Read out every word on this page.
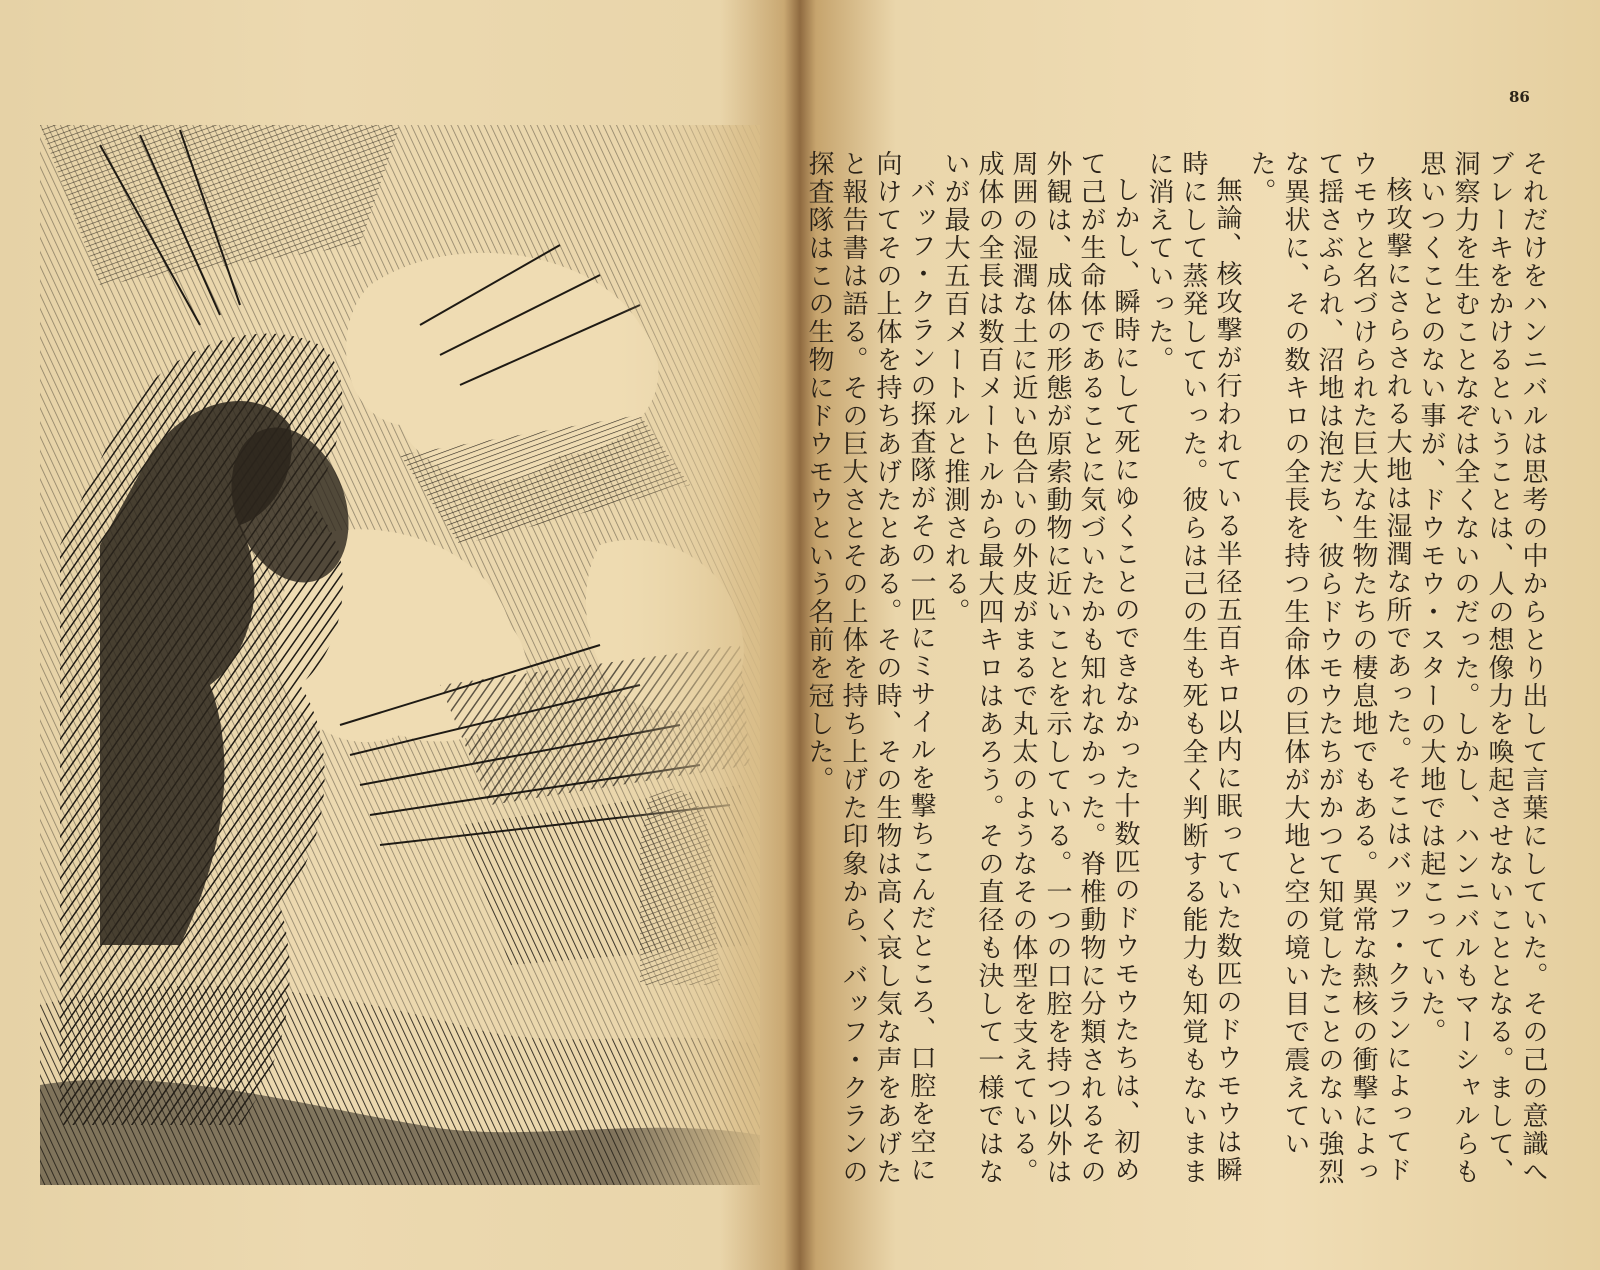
86

それだけをハンニバルは思考の中からとり出して言葉にしていた。その己の意識へブレーキをかけるということは、人の想像力を喚起させないこととなる。まして、洞察力を生むことなぞは全くないのだった。しかし、ハンニバルもマーシャルらも思いつくことのない事が、ドウモウ・スターの大地では起こっていた。

核攻撃にさらされる大地は湿潤な所であった。そこはバッフ・クランによってドウモウと名づけられた巨大な生物たちの棲息地でもある。異常な熱核の衝撃によって揺さぶられ、沼地は泡だち、彼らドウモウたちがかつて知覚したことのない強烈な異状に、その数キロの全長を持つ生命体の巨体が大地と空の境い目で震えていた。

無論、核攻撃が行われている半径五百キロ以内に眠っていた数匹のドウモウは瞬時にして蒸発していった。彼らは己の生も死も全く判断する能力も知覚もないままに消えていった。

しかし、瞬時にして死にゆくことのできなかった十数匹のドウモウたちは、初めて己が生命体であることに気づいたかも知れなかった。脊椎動物に分類されるその外観は、成体の形態が原索動物に近いことを示している。一つの口腔を持つ以外は周囲の湿潤な土に近い色合いの外皮がまるで丸太のようなその体型を支えている。成体の全長は数百メートルから最大四キロはあろう。その直径も決して一様ではないが最大五百メートルと推測される。

バッフ・クランの探査隊がその一匹にミサイルを撃ちこんだところ、口腔を空に向けてその上体を持ちあげたとある。その時、その生物は高く哀し気な声をあげたと報告書は語る。その巨大さとその上体を持ち上げた印象から、バッフ・クランの探査隊はこの生物にドウモウという名前を冠した。
